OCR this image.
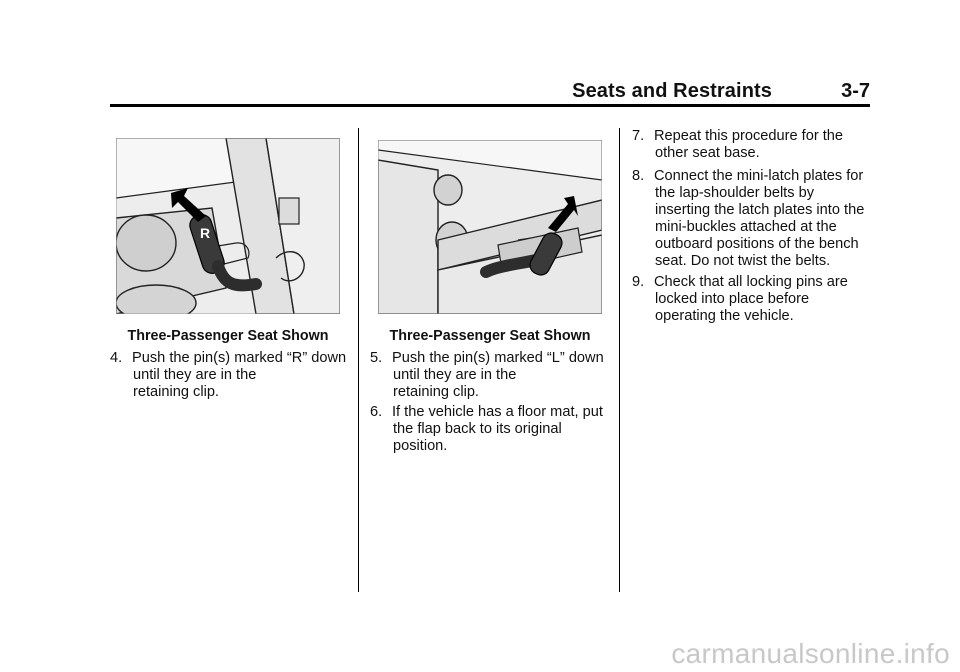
Seats and Restraints	3-7
R
Three-Passenger Seat Shown	Three-Passenger Seat Shown
4. Push the pin(s) marked “R” down
until they are in the
retaining clip.
5. Push the pin(s) marked “L” down
until they are in the
retaining clip.
6. If the vehicle has a floor mat, put
the flap back to its original
position.
7. Repeat this procedure for the
other seat base.
8. Connect the mini-latch plates for
the lap-shoulder belts by
inserting the latch plates into the
mini-buckles attached at the
outboard positions of the bench
seat. Do not twist the belts.
9. Check that all locking pins are
locked into place before
operating the vehicle.
carmanualsonline.info
